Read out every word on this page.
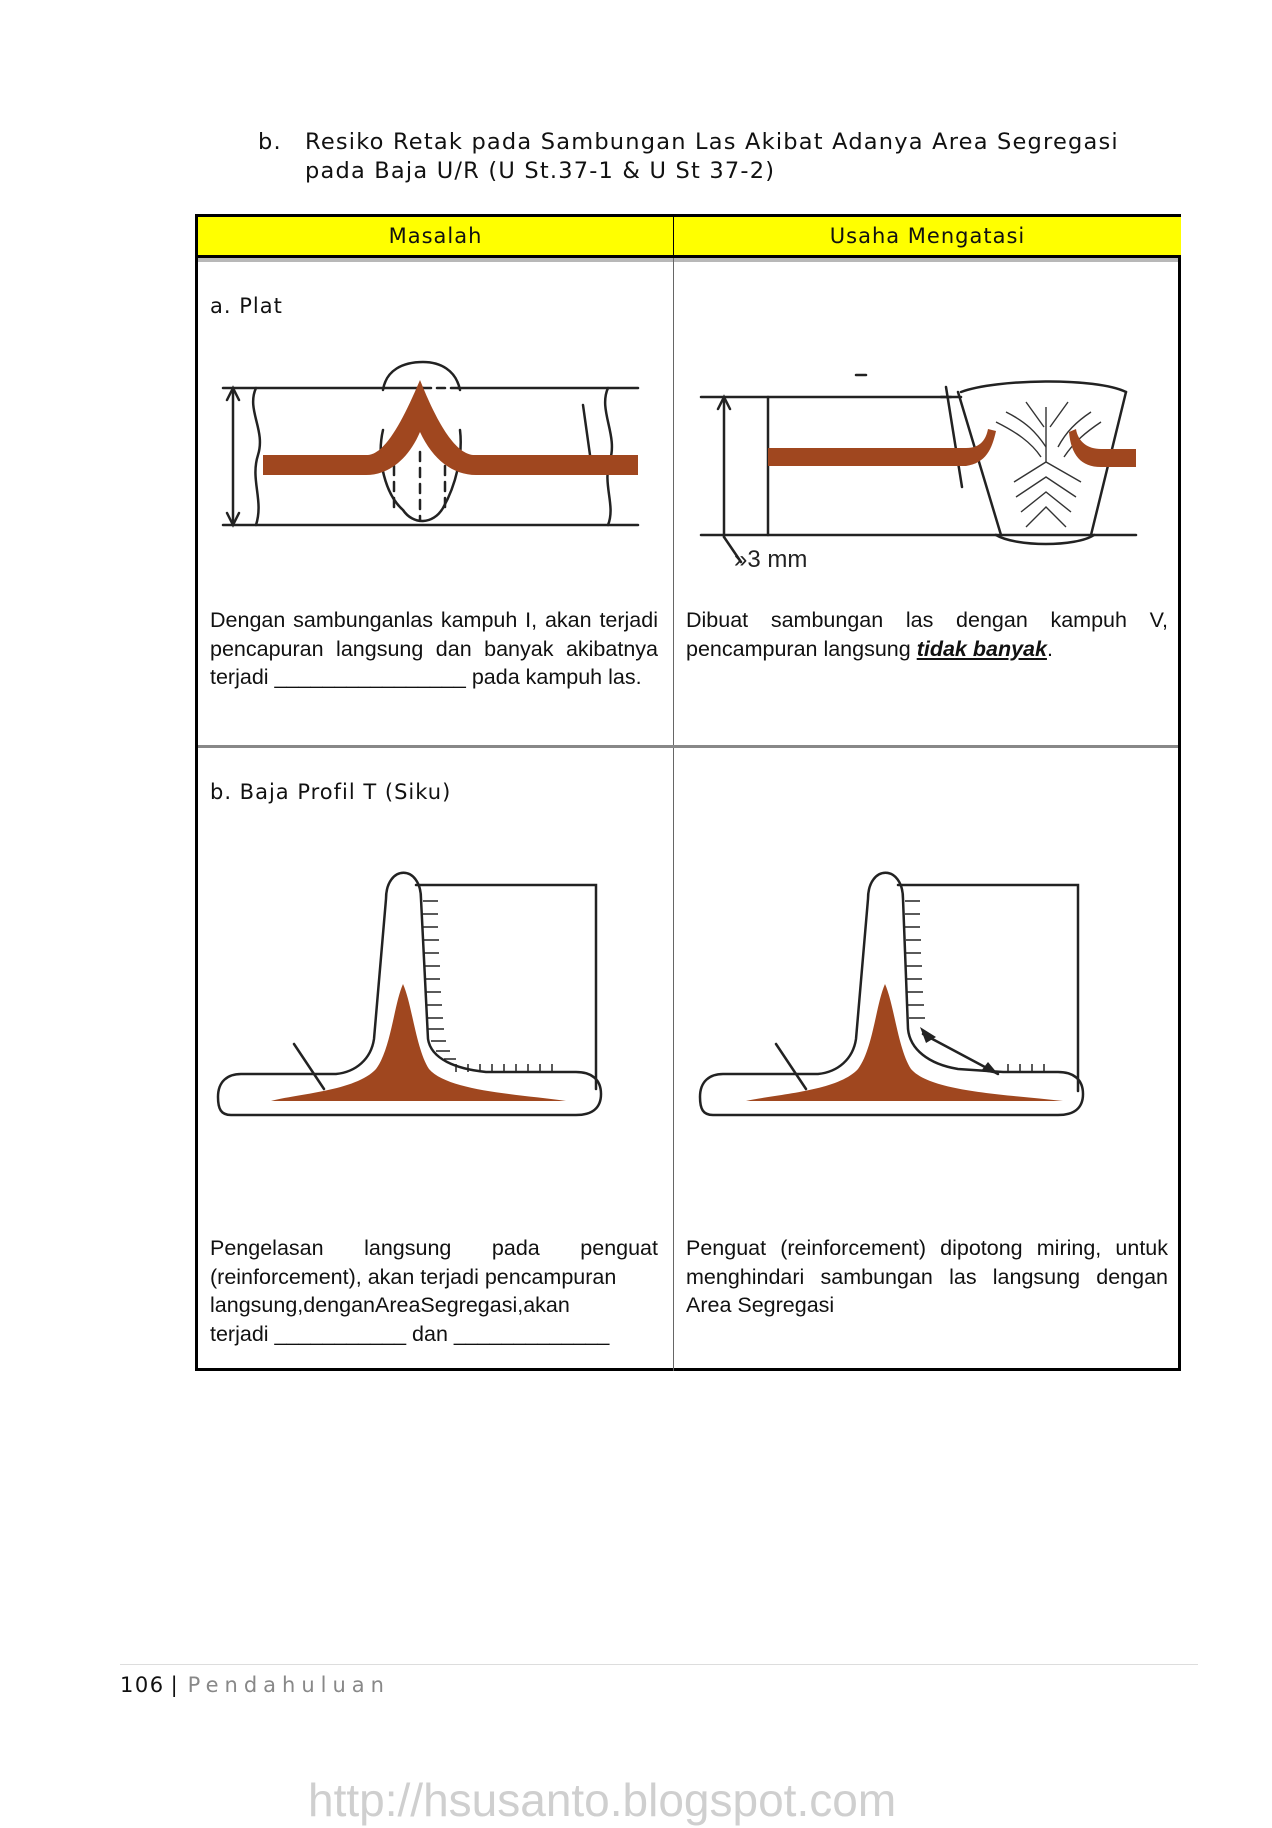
b. Resiko Retak pada Sambungan Las Akibat Adanya Area Segregasi pada Baja U/R (U St.37-1 & U St 37-2)
Masalah	Usaha Mengatasi
a. Plat
»3 mm
Dengan sambunganlas kampuh I, akan terjadi pencapuran langsung dan banyak akibatnya terjadi ________________ pada kampuh las.
Dibuat sambungan las dengan kampuh V, pencampuran langsung tidak banyak.
b. Baja Profil T (Siku)
Pengelasan langsung pada penguat (reinforcement), akan terjadi pencampuran
langsung,denganAreaSegregasi,akan
terjadi ___________ dan _____________
Penguat (reinforcement) dipotong miring, untuk menghindari sambungan las langsung dengan Area Segregasi
106 | Pendahuluan
http://hsusanto.blogspot.com
